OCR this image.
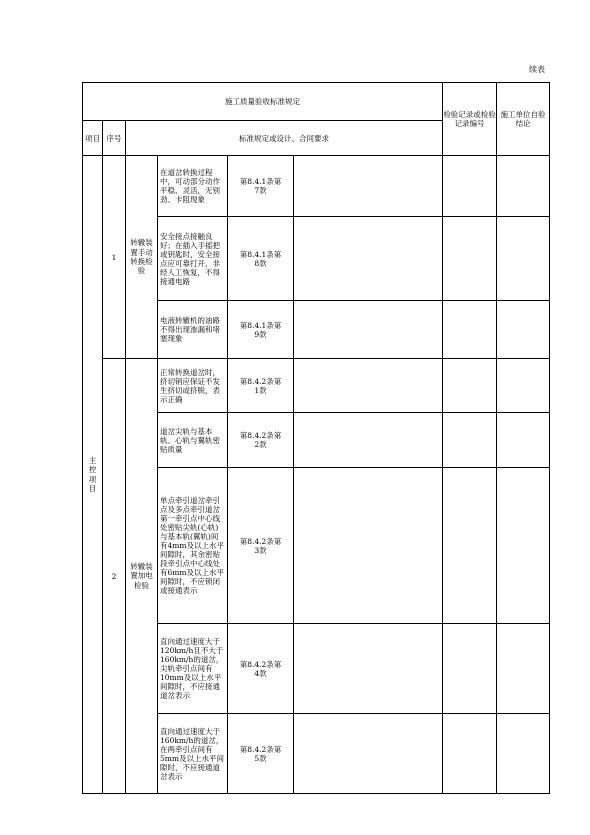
续表
施工质量验收标准规定						检验记录或检验记录编号	施工单位自验结论	
项目	序号	标准规定或设计、合同要求						

主控项目	1	转辙装置手动转换检验	在道岔转换过程中，可动部分动作平稳、灵活，无别劲、卡阻现象	第8.4.1条第7款				

			安全接点接触良好；在插入手摇把或钥匙时，安全接点应可靠打开，非经人工恢复，不得接通电路	第8.4.1条第8款				

			电液转辙机的油路不得出现渗漏和堵塞现象	第8.4.1条第9款				

	2	转辙装置加电检验	正常转换道岔时，挤切销应保证不发生挤切或挤脱，表示正确	第8.4.2条第1款				

			道岔尖轨与基本轨、心轨与翼轨密贴质量	第8.4.2条第2款				

			单点牵引道岔牵引点及多点牵引道岔第一牵引点中心线处密贴尖轨(心轨)与基本轨(翼轨)间有4mm及以上水平间隙时，其余密贴段牵引点中心线处有6mm及以上水平间隙时，不应锁闭或接通表示	第8.4.2条第3款				

			直向通过速度大于120km/h且不大于160km/h的道岔，尖轨牵引点间有10mm及以上水平间隙时，不应接通道岔表示	第8.4.2条第4款				

			直向通过速度大于160km/h的道岔，在两牵引点间有5mm及以上水平间隙时，不应接通道岔表示	第8.4.2条第5款				
